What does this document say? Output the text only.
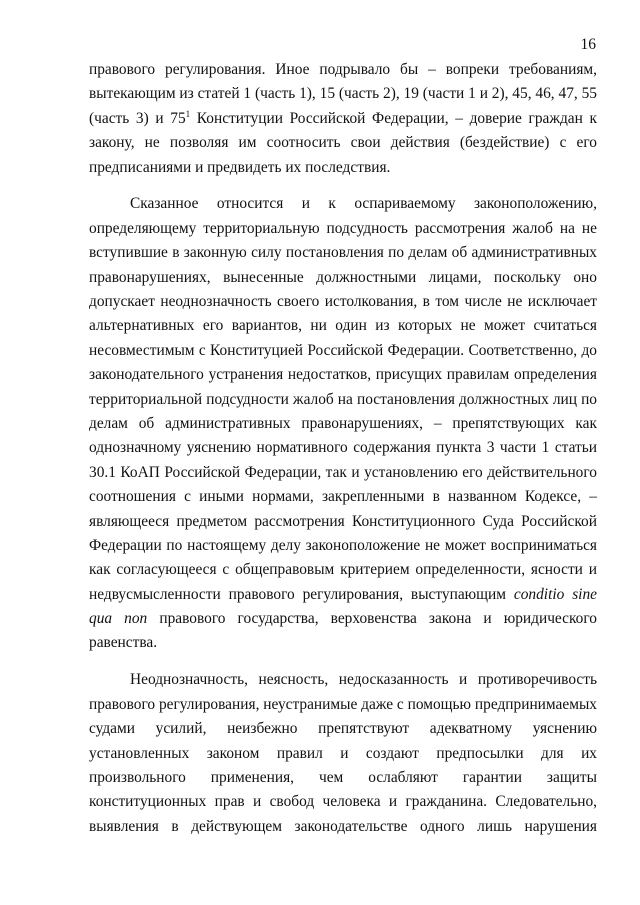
16
правового регулирования. Иное подрывало бы – вопреки требованиям,
вытекающим из статей 1 (часть 1), 15 (часть 2), 19 (части 1 и 2), 45, 46, 47, 55
(часть 3) и $75^1$ Конституции Российской Федерации, – доверие граждан к
закону, не позволяя им соотносить свои действия (бездействие) с его
предписаниями и предвидеть их последствия.
Сказанное относится и к оспариваемому законоположению,
определяющему территориальную подсудность рассмотрения жалоб на не
вступившие в законную силу постановления по делам об административных
правонарушениях, вынесенные должностными лицами, поскольку оно
допускает неоднозначность своего истолкования, в том числе не исключает
альтернативных его вариантов, ни один из которых не может считаться
несовместимым с Конституцией Российской Федерации. Соответственно, до
законодательного устранения недостатков, присущих правилам определения
территориальной подсудности жалоб на постановления должностных лиц по
делам об административных правонарушениях, – препятствующих как
однозначному уяснению нормативного содержания пункта 3 части 1 статьи
30.1 КоАП Российской Федерации, так и установлению его действительного
соотношения с иными нормами, закрепленными в названном Кодексе, –
являющееся предметом рассмотрения Конституционного Суда Российской
Федерации по настоящему делу законоположение не может восприниматься
как согласующееся с общеправовым критерием определенности, ясности и
недвусмысленности правового регулирования, выступающим conditio sine
qua non правового государства, верховенства закона и юридического
равенства.
Неоднозначность, неясность, недосказанность и противоречивость
правового регулирования, неустранимые даже с помощью предпринимаемых
судами усилий, неизбежно препятствуют адекватному уяснению
установленных законом правил и создают предпосылки для их
произвольного применения, чем ослабляют гарантии защиты
конституционных прав и свобод человека и гражданина. Следовательно,
выявления в действующем законодательстве одного лишь нарушения
